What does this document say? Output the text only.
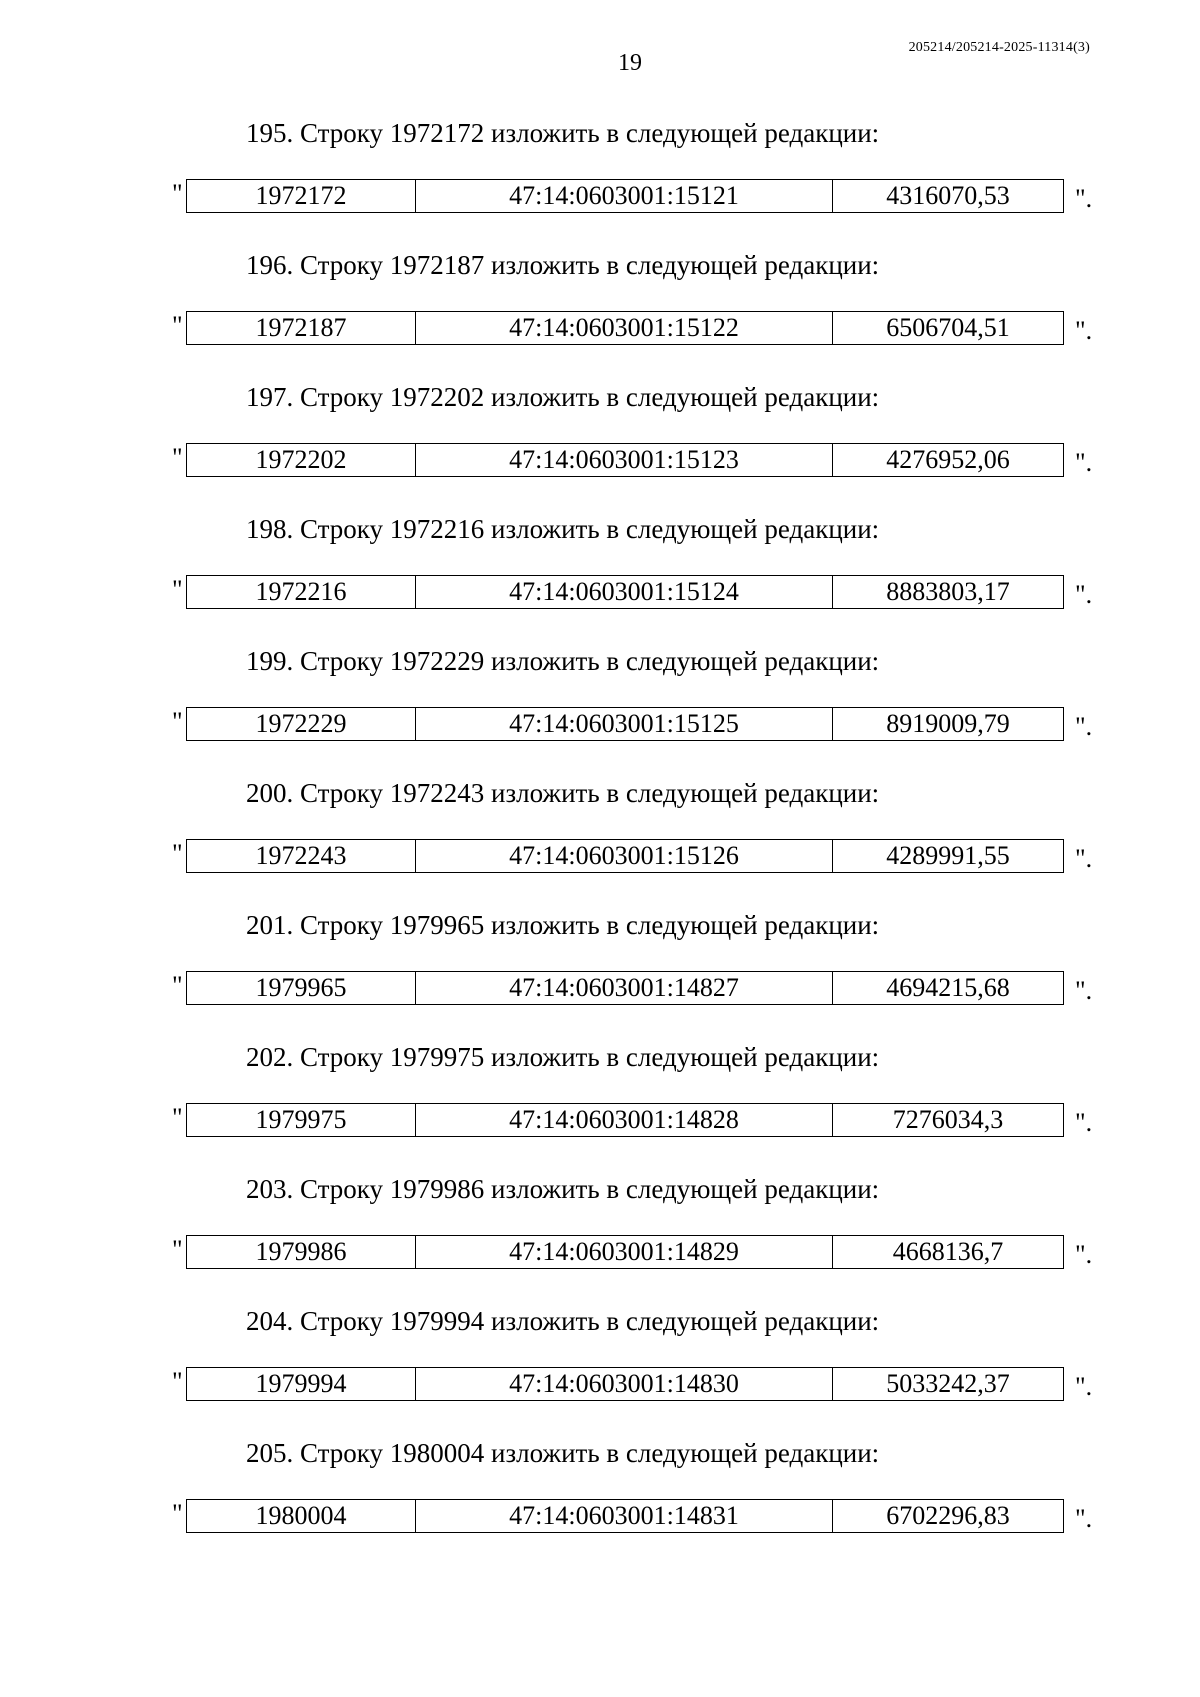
205214/205214-2025-11314(3)
19
195. Строку 1972172 изложить в следующей редакции:
"	1972172	47:14:0603001:15121	4316070,53	".
196. Строку 1972187 изложить в следующей редакции:
"	1972187	47:14:0603001:15122	6506704,51	".
197. Строку 1972202 изложить в следующей редакции:
"	1972202	47:14:0603001:15123	4276952,06	".
198. Строку 1972216 изложить в следующей редакции:
"	1972216	47:14:0603001:15124	8883803,17	".
199. Строку 1972229 изложить в следующей редакции:
"	1972229	47:14:0603001:15125	8919009,79	".
200. Строку 1972243 изложить в следующей редакции:
"	1972243	47:14:0603001:15126	4289991,55	".
201. Строку 1979965 изложить в следующей редакции:
"	1979965	47:14:0603001:14827	4694215,68	".
202. Строку 1979975 изложить в следующей редакции:
"	1979975	47:14:0603001:14828	7276034,3	".
203. Строку 1979986 изложить в следующей редакции:
"	1979986	47:14:0603001:14829	4668136,7	".
204. Строку 1979994 изложить в следующей редакции:
"	1979994	47:14:0603001:14830	5033242,37	".
205. Строку 1980004 изложить в следующей редакции:
"	1980004	47:14:0603001:14831	6702296,83	".
